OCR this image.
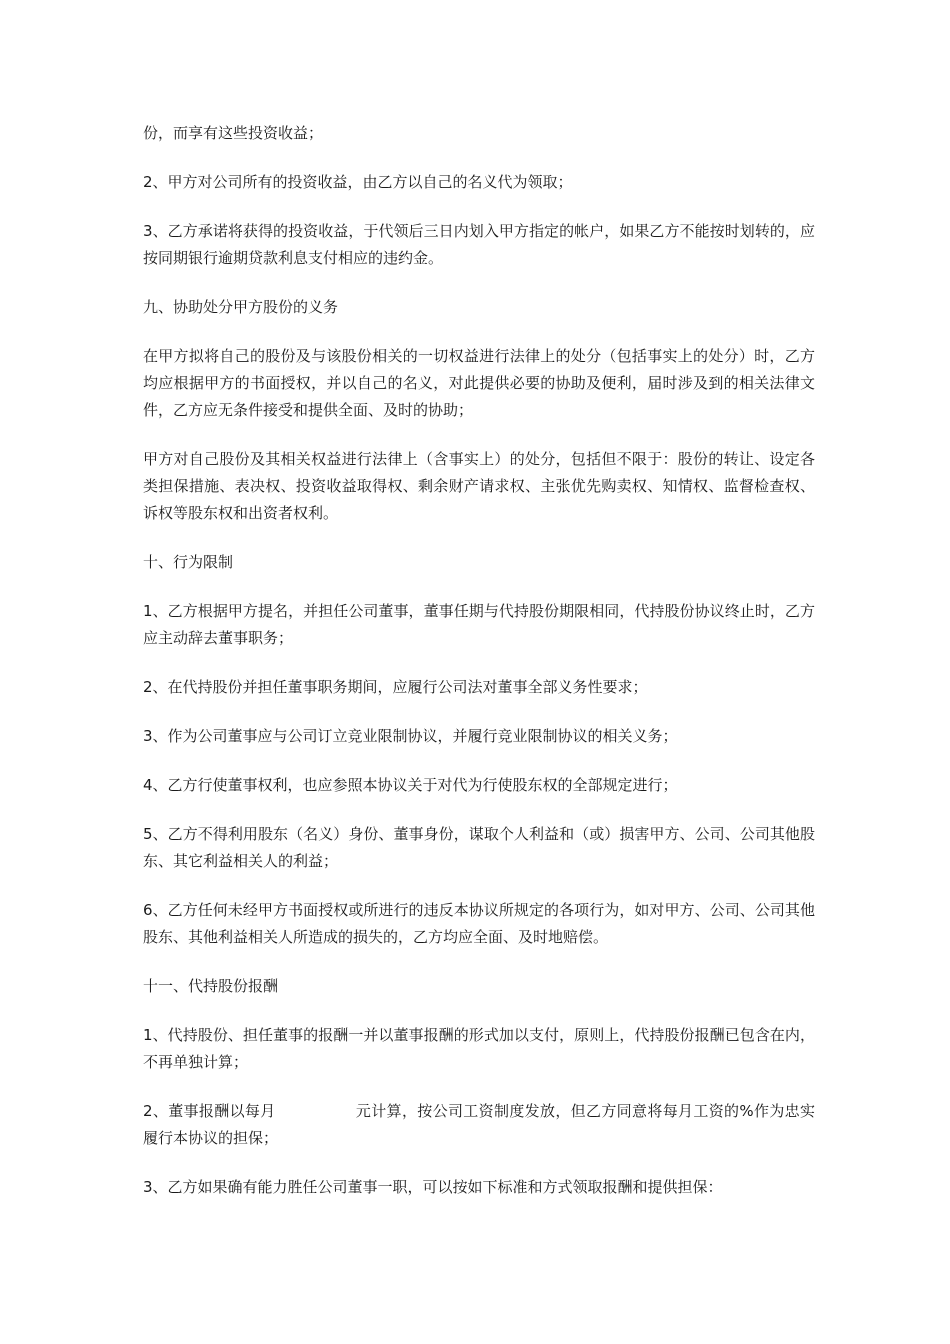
份，而享有这些投资收益；

2、甲方对公司所有的投资收益，由乙方以自己的名义代为领取；

3、乙方承诺将获得的投资收益，于代领后三日内划入甲方指定的帐户，如果乙方不能按时划转的，应按同期银行逾期贷款利息支付相应的违约金。

九、协助处分甲方股份的义务

在甲方拟将自己的股份及与该股份相关的一切权益进行法律上的处分（包括事实上的处分）时，乙方均应根据甲方的书面授权，并以自己的名义，对此提供必要的协助及便利，届时涉及到的相关法律文件，乙方应无条件接受和提供全面、及时的协助；

甲方对自己股份及其相关权益进行法律上（含事实上）的处分，包括但不限于：股份的转让、设定各类担保措施、表决权、投资收益取得权、剩余财产请求权、主张优先购卖权、知情权、监督检查权、诉权等股东权和出资者权利。

十、行为限制

1、乙方根据甲方提名，并担任公司董事，董事任期与代持股份期限相同，代持股份协议终止时，乙方应主动辞去董事职务；

2、在代持股份并担任董事职务期间，应履行公司法对董事全部义务性要求；

3、作为公司董事应与公司订立竞业限制协议，并履行竞业限制协议的相关义务；

4、乙方行使董事权利，也应参照本协议关于对代为行使股东权的全部规定进行；

5、乙方不得利用股东（名义）身份、董事身份，谋取个人利益和（或）损害甲方、公司、公司其他股东、其它利益相关人的利益；

6、乙方任何未经甲方书面授权或所进行的违反本协议所规定的各项行为，如对甲方、公司、公司其他股东、其他利益相关人所造成的损失的，乙方均应全面、及时地赔偿。

十一、代持股份报酬

1、代持股份、担任董事的报酬一并以董事报酬的形式加以支付，原则上，代持股份报酬已包含在内，不再单独计算；

2、董事报酬以每月	元计算，按公司工资制度发放，但乙方同意将每月工资的%作为忠实履行本协议的担保；

3、乙方如果确有能力胜任公司董事一职，可以按如下标准和方式领取报酬和提供担保：
